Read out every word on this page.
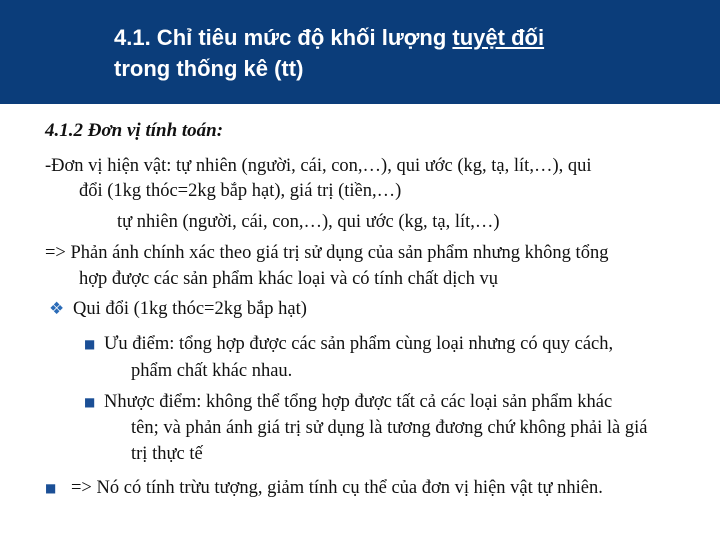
4.1. Chỉ tiêu mức độ khối lượng tuyệt đối
trong thống kê (tt)
4.1.2 Đơn vị tính toán:
-Đơn vị hiện vật: tự nhiên (người, cái, con,…), qui ước (kg, tạ, lít,…), qui
đổi (1kg thóc=2kg bắp hạt), giá trị (tiền,…)
tự nhiên (người, cái, con,…), qui ước (kg, tạ, lít,…)
=> Phản ánh chính xác theo giá trị sử dụng của sản phẩm nhưng không tổng
hợp được các sản phẩm khác loại và có tính chất dịch vụ
❖ Qui đổi (1kg thóc=2kg bắp hạt)
■ Ưu điểm: tổng hợp được các sản phẩm cùng loại nhưng có quy cách,
phẩm chất khác nhau.
■ Nhược điểm: không thể tổng hợp được tất cả các loại sản phẩm khác
tên; và phản ánh giá trị sử dụng là tương đương chứ không phải là giá
trị thực tế
■ => Nó có tính trừu tượng, giảm tính cụ thể của đơn vị hiện vật tự nhiên.
